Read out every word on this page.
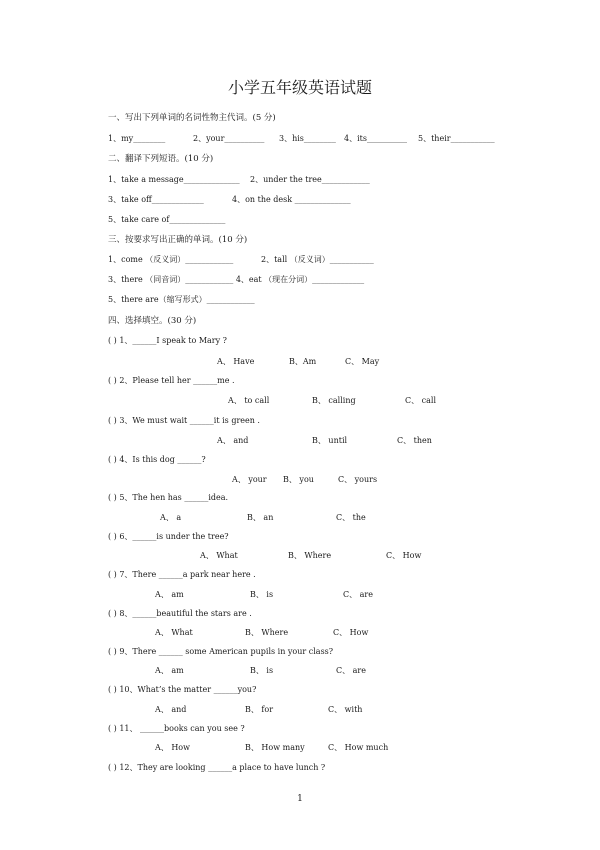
小学五年级英语试题
一、写出下列单词的名词性物主代词。(5 分)
1、my________	2、your__________ 3、his________ 4、its__________ 5、their___________
二、翻译下列短语。(10 分)
1、take a message______________ 2、under the tree____________
3、take off_____________	4、on the desk ______________
5、take care of______________
三、按要求写出正确的单词。(10 分)
1、come （反义词）____________	2、tall （反义词）___________
3、there （同音词）____________ 4、eat （现在分词）_____________
5、there are（缩写形式）____________
四、选择填空。(30 分)
( ) 1、______I speak to Mary ?
A、 Have	B、Am	C、 May
( ) 2、Please tell her ______me .
A、 to call	B、 calling	C、 call
( ) 3、We must wait ______it is green .
A、 and	B、 until	C、 then
( ) 4、Is this dog ______?
A、 your B、 you	C、 yours
( ) 5、The hen has ______idea.
A、 a	B、 an	C、 the
( ) 6、______is under the tree?
A、 What	B、 Where	C、 How
( ) 7、There ______a park near here .
A、 am	B、 is	C、 are
( ) 8、______beautiful the stars are .
A、 What	B、 Where	C、 How
( ) 9、There ______ some American pupils in your class?
A、 am	B、 is	C、 are
( ) 10、What’s the matter ______you?
A、 and	B、 for	C、 with
( ) 11、 ______books can you see ?
A、 How	B、 How many	C、 How much
( ) 12、They are looking ______a place to have lunch ?
1
